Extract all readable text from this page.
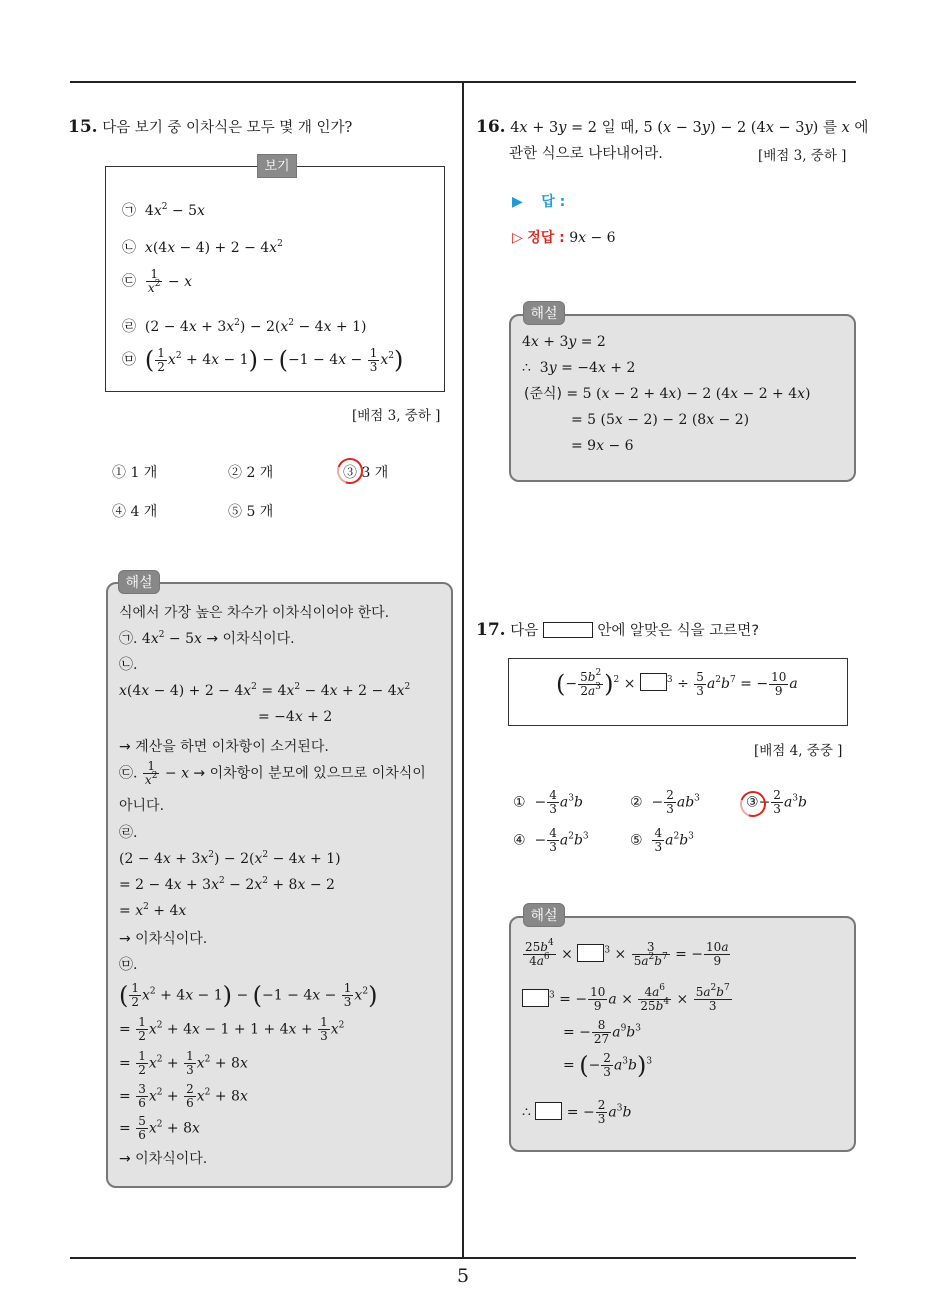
5
15. 다음 보기 중 이차식은 모두 몇 개 인가?
보기
㉠  $4x^2 - 5x$
㉡ $x(4x - 4) + 2 - 4x^2$
㉢ $\frac{1}{x^2} - x$
㉣  $(2 - 4x + 3x^2) - 2(x^2 - 4x + 1)$
㉤ ( $\frac{1}{2} x^2 + 4x - 1) - (-1 - 4x - \frac{1}{3} x^2)$
[배점 3, 중하 ]
① 1 개	② 2 개	③ 3 개
④ 4 개	⑤ 5 개
해설
식에서 가장 높은 차수가 이차식이어야 한다.
㉠. $4x^2 - 5x$ → 이차식이다.
㉡.
$x(4x - 4) + 2 - 4x^2 = 4x^2 - 4x + 2 - 4x^2$
= −4x + 2
→ 계산을 하면 이차항이 소거된다.
㉢. $\frac{1}{x^2} - x$ → 이차항이 분모에 있으므로 이차식이
아니다.
㉣.
$(2 - 4x + 3x^2) - 2(x^2 - 4x + 1)$
= $2 - 4x + 3x^2 - 2x^2 + 8x - 2$
= $x^2 + 4x$
→ 이차식이다.
㉤.
( $\frac{1}{2} x^2 + 4x - 1) - (-1 - 4x - \frac{1}{3} x^2)$
= $\frac{1}{2} x^2 + 4x - 1 + 1 + 4x + \frac{1}{3} x^2$
= $\frac{1}{2} x^2 + \frac{1}{3} x^2 + 8x$
= $\frac{3}{6} x^2 + \frac{2}{6} x^2 + 8x$
= $\frac{5}{6} x^2 + 8x$
→ 이차식이다.
16. 4x + 3y = 2 일 때, 5 (x − 3y) − 2 (4x − 3y) 를 x 에
관한 식으로 나타내어라.	[배점 3, 중하 ]
▶ 답 :
▷ 정답 : 9x − 6
해설
4x + 3y = 2
∴  3y = −4x + 2
(준식) = 5 (x − 2 + 4x) − 2 (4x − 2 + 4x)
= 5 (5x − 2) − 2 (8x − 2)
= 9x − 6
17. 다음	안에 알맞은 식을 고르면?
(− $\frac{5b^2}{2a^3} )^2$ ×	$^3 \div \frac{5}{3} a^2b^7$ = − $\frac{10}{9}$ a
[배점 4, 중중 ]
①  − $\frac{4}{3} a^3b$	②  − $\frac{2}{3} ab^3$	③− $\frac{2}{3} a^3b$
④  − $\frac{4}{3} a^2b^3$	⑤ $\frac{4}{3} a^2b^3$
해설
$\frac{25b^4}{4a^6}$ ×	$^3 \times \frac{3}{5a^2b^7}$ = − $\frac{10a}{9}$
$^3$ = − $\frac{10}{9}$ $a \times \frac{4a^6}{25b^4} \times \frac{5a^2b^7}{3}$
= − $\frac{8}{27} a^9b^3$
= (− $\frac{2}{3} a^3b)^3$
∴  = − $\frac{2}{3} a^3b$
